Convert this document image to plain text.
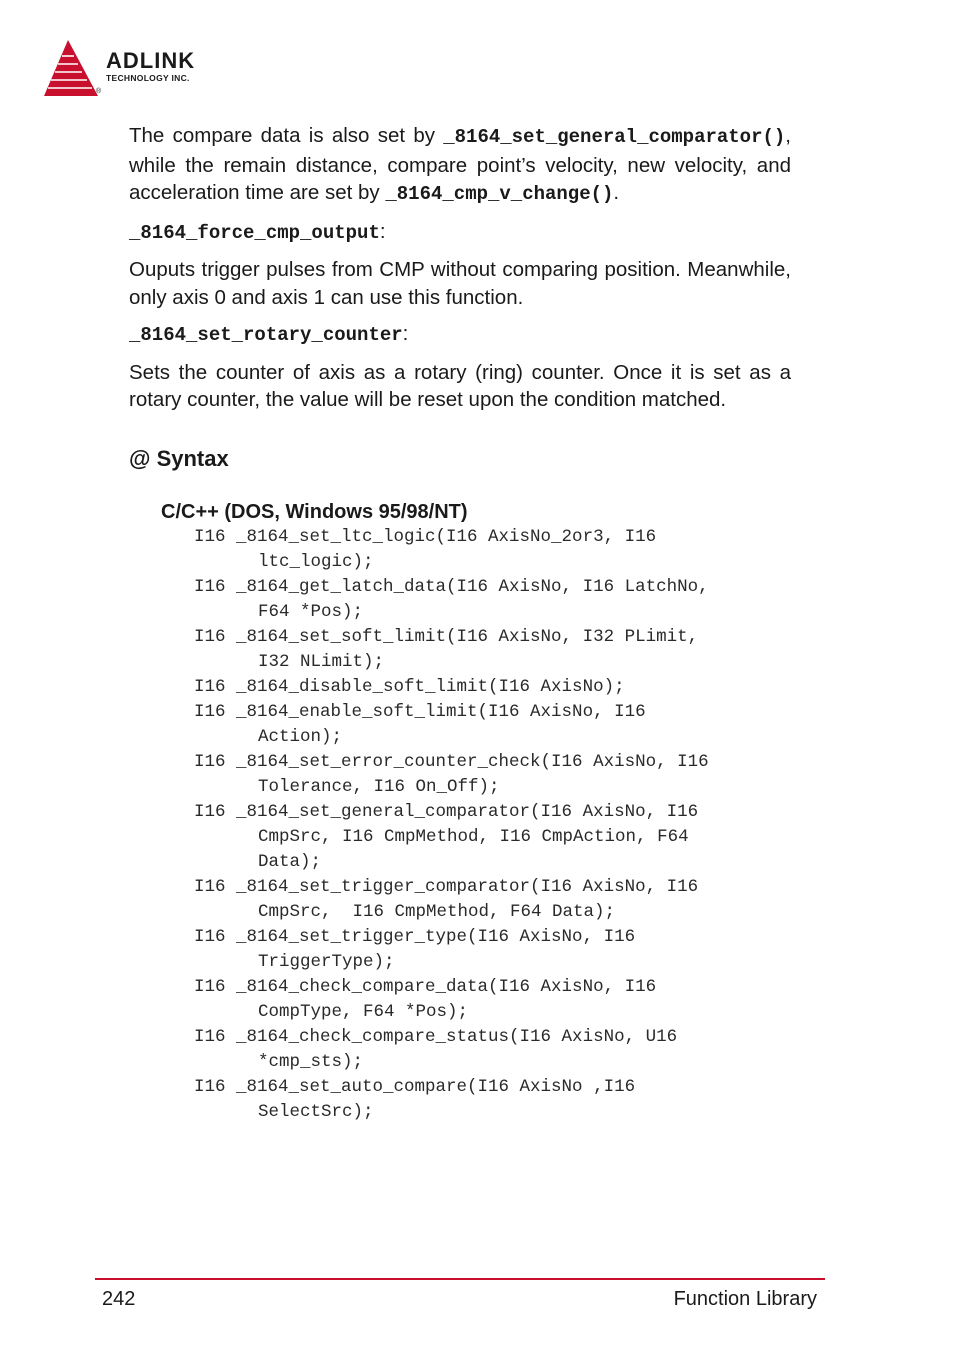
®
ADLINK
TECHNOLOGY INC.

The compare data is also set by _8164_set_general_comparator(), while the remain distance, compare point’s velocity, new velocity, and acceleration time are set by _8164_cmp_v_change().

_8164_force_cmp_output:

Ouputs trigger pulses from CMP without comparing position. Meanwhile, only axis 0 and axis 1 can use this function.

_8164_set_rotary_counter:

Sets the counter of axis as a rotary (ring) counter. Once it is set as a rotary counter, the value will be reset upon the condition matched.

@ Syntax
C/C++ (DOS, Windows 95/98/NT)
I16 _8164_set_ltc_logic(I16 AxisNo_2or3, I16
ltc_logic);
I16 _8164_get_latch_data(I16 AxisNo, I16 LatchNo,
F64 *Pos);
I16 _8164_set_soft_limit(I16 AxisNo, I32 PLimit,
I32 NLimit);
I16 _8164_disable_soft_limit(I16 AxisNo);
I16 _8164_enable_soft_limit(I16 AxisNo, I16
Action);
I16 _8164_set_error_counter_check(I16 AxisNo, I16
Tolerance, I16 On_Off);
I16 _8164_set_general_comparator(I16 AxisNo, I16
CmpSrc, I16 CmpMethod, I16 CmpAction, F64
Data);
I16 _8164_set_trigger_comparator(I16 AxisNo, I16
CmpSrc,  I16 CmpMethod, F64 Data);
I16 _8164_set_trigger_type(I16 AxisNo, I16
TriggerType);
I16 _8164_check_compare_data(I16 AxisNo, I16
CompType, F64 *Pos);
I16 _8164_check_compare_status(I16 AxisNo, U16
*cmp_sts);
I16 _8164_set_auto_compare(I16 AxisNo ,I16
SelectSrc);
242	Function Library
